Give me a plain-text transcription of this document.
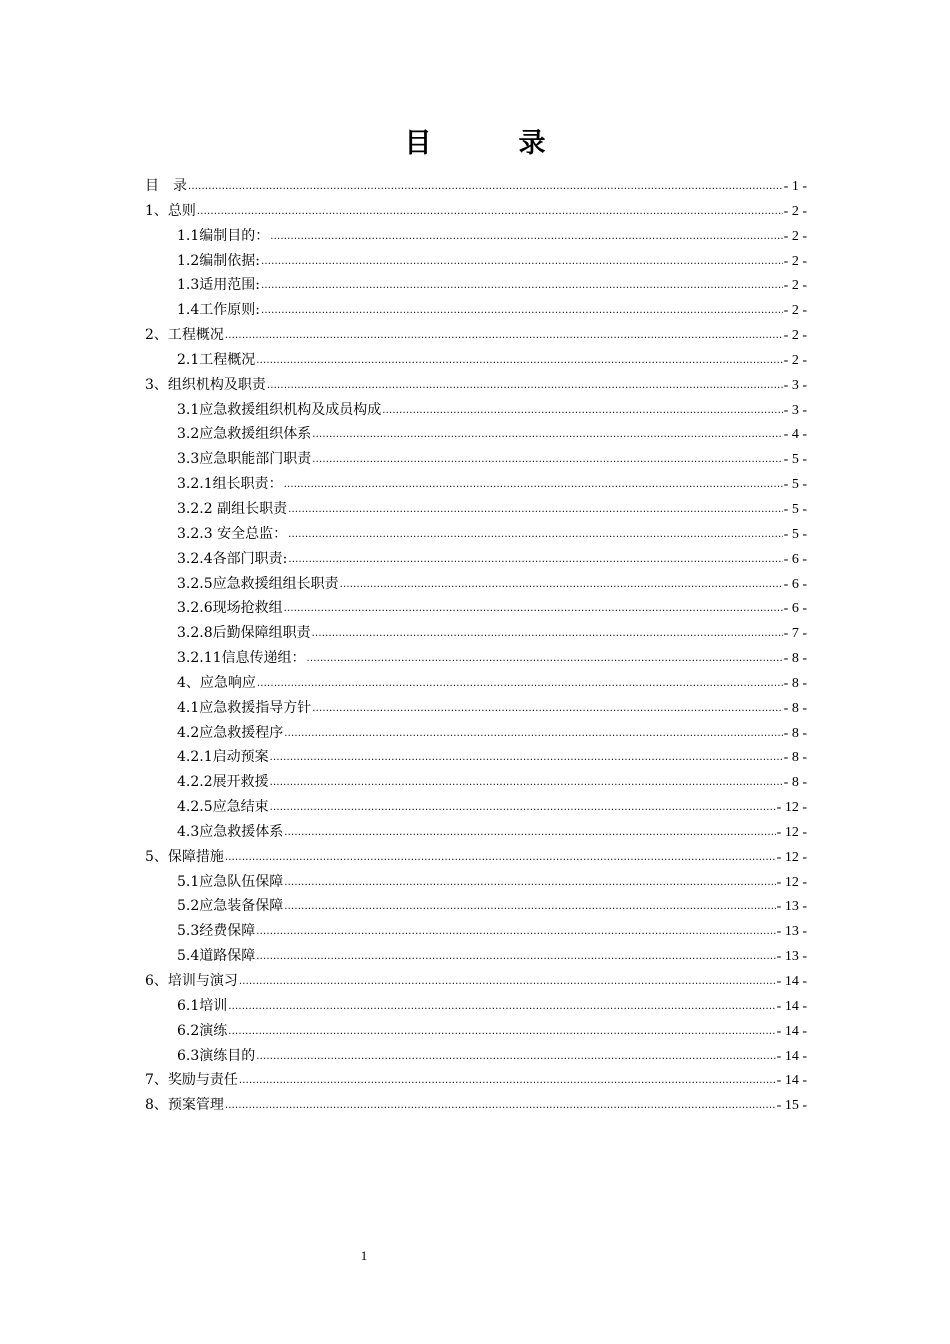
目　录
目　录 .....	- 1 -
1、总则 .....	- 2 -
1.1编制目的： .....	- 2 -
1.2编制依据: .....	- 2 -
1.3适用范围: .....	- 2 -
1.4工作原则: .....	- 2 -
2、工程概况 .....	- 2 -
2.1工程概况 .....	- 2 -
3、组织机构及职责 .....	- 3 -
3.1应急救援组织机构及成员构成 .....	- 3 -
3.2应急救援组织体系 .....	- 4 -
3.3应急职能部门职责 .....	- 5 -
3.2.1组长职责： .....	- 5 -
3.2.2 副组长职责 .....	- 5 -
3.2.3 安全总监： .....	- 5 -
3.2.4各部门职责: .....	- 6 -
3.2.5应急救援组组长职责 .....	- 6 -
3.2.6现场抢救组 .....	- 6 -
3.2.8后勤保障组职责 .....	- 7 -
3.2.11信息传递组： .....	- 8 -
4、应急响应 .....	- 8 -
4.1应急救援指导方针 .....	- 8 -
4.2应急救援程序 .....	- 8 -
4.2.1启动预案 .....	- 8 -
4.2.2展开救援 .....	- 8 -
4.2.5应急结束 .....	- 12 -
4.3应急救援体系 .....	- 12 -
5、保障措施 .....	- 12 -
5.1应急队伍保障 .....	- 12 -
5.2应急装备保障 .....	- 13 -
5.3经费保障 .....	- 13 -
5.4道路保障 .....	- 13 -
6、培训与演习 .....	- 14 -
6.1培训 .....	- 14 -
6.2演练 .....	- 14 -
6.3演练目的 .....	- 14 -
7、奖励与责任 .....	- 14 -
8、预案管理 .....	- 15 -
1
